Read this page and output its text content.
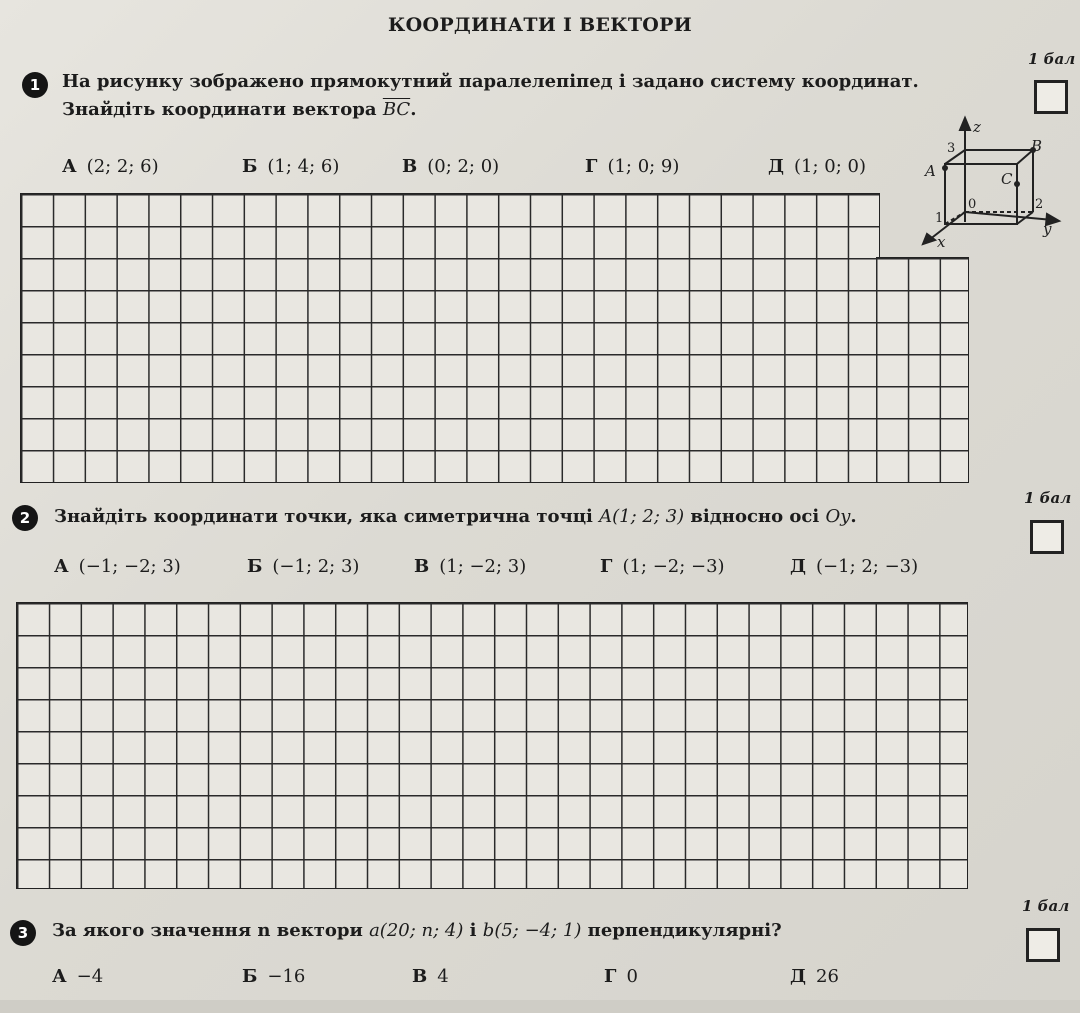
КООРДИНАТИ І ВЕКТОРИ
1 бал
1	На рисунку зображено прямокутний паралелепіпед і задано систему координат.
Знайдіть координати вектора $\overline{BC}$.
А (2; 2; 6)	Б (1; 4; 6)	В (0; 2; 0)	Г (1; 0; 9)	Д (1; 0; 0)
z
y
x
A
B
C
0
1
2
3
1 бал
2	Знайдіть координати точки, яка симетрична точці A(1; 2; 3) відносно осі Oy.
А (−1; −2; 3)	Б (−1; 2; 3)	В (1; −2; 3)	Г (1; −2; −3)	Д (−1; 2; −3)
1 бал
3	За якого значення n вектори a(20; n; 4) і b(5; −4; 1) перпендикулярні?
А −4	Б −16	В 4	Г 0	Д 26
